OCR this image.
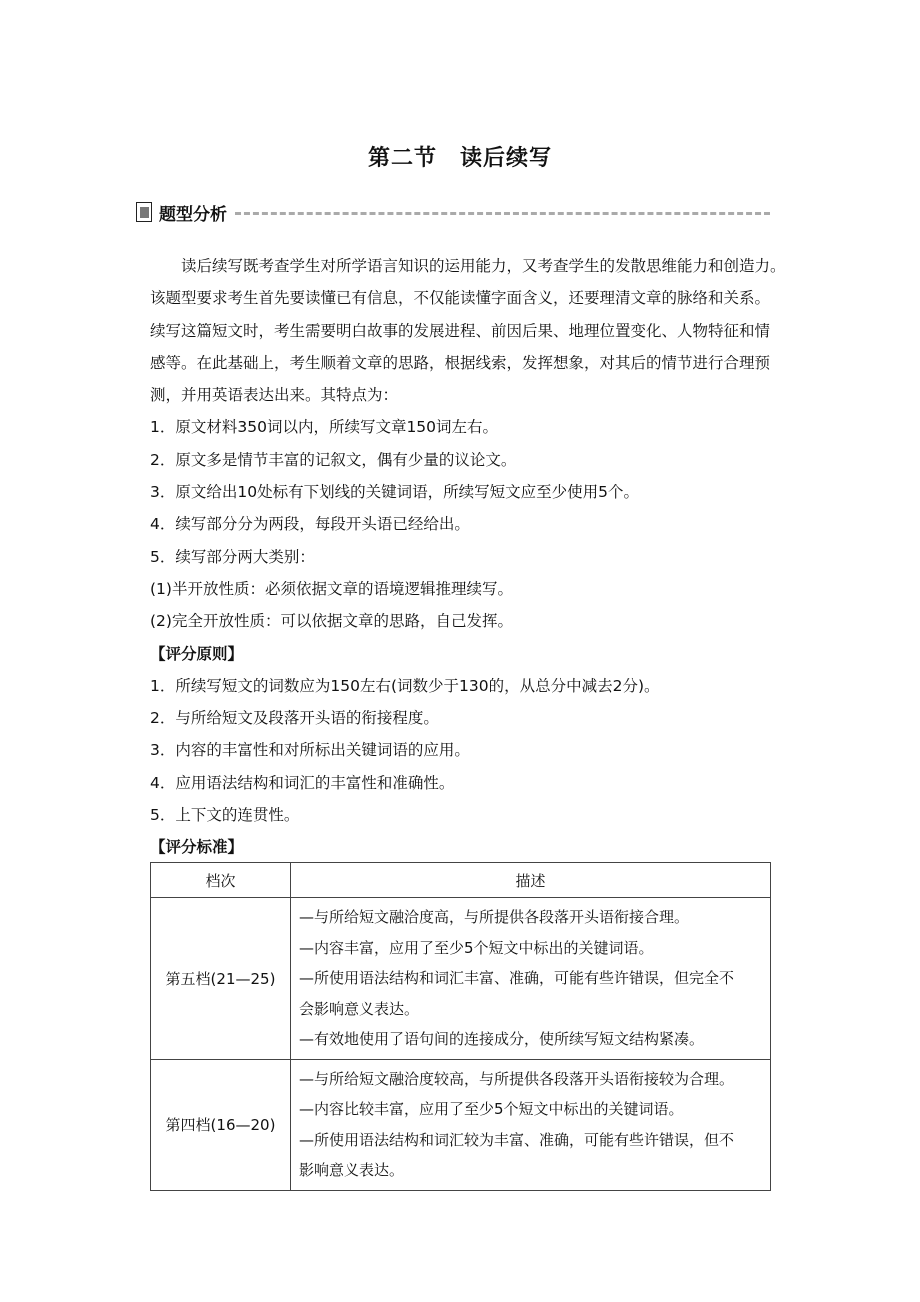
第二节　读后续写
题型分析
读后续写既考查学生对所学语言知识的运用能力，又考查学生的发散思维能力和创造力。
该题型要求考生首先要读懂已有信息，不仅能读懂字面含义，还要理清文章的脉络和关系。
续写这篇短文时，考生需要明白故事的发展进程、前因后果、地理位置变化、人物特征和情
感等。在此基础上，考生顺着文章的思路，根据线索，发挥想象，对其后的情节进行合理预
测，并用英语表达出来。其特点为：
1．原文材料350词以内，所续写文章150词左右。
2．原文多是情节丰富的记叙文，偶有少量的议论文。
3．原文给出10处标有下划线的关键词语，所续写短文应至少使用5个。
4．续写部分分为两段，每段开头语已经给出。
5．续写部分两大类别：
(1)半开放性质：必须依据文章的语境逻辑推理续写。
(2)完全开放性质：可以依据文章的思路，自己发挥。
【评分原则】
1．所续写短文的词数应为150左右(词数少于130的，从总分中减去2分)。
2．与所给短文及段落开头语的衔接程度。
3．内容的丰富性和对所标出关键词语的应用。
4．应用语法结构和词汇的丰富性和准确性。
5．上下文的连贯性。
【评分标准】
档次	描述
第五档(21—25)	—与所给短文融洽度高，与所提供各段落开头语衔接合理。
—内容丰富，应用了至少5个短文中标出的关键词语。
—所使用语法结构和词汇丰富、准确，可能有些许错误，但完全不
会影响意义表达。
—有效地使用了语句间的连接成分，使所续写短文结构紧凑。

第四档(16—20)	—与所给短文融洽度较高，与所提供各段落开头语衔接较为合理。
—内容比较丰富，应用了至少5个短文中标出的关键词语。
—所使用语法结构和词汇较为丰富、准确，可能有些许错误，但不
影响意义表达。
